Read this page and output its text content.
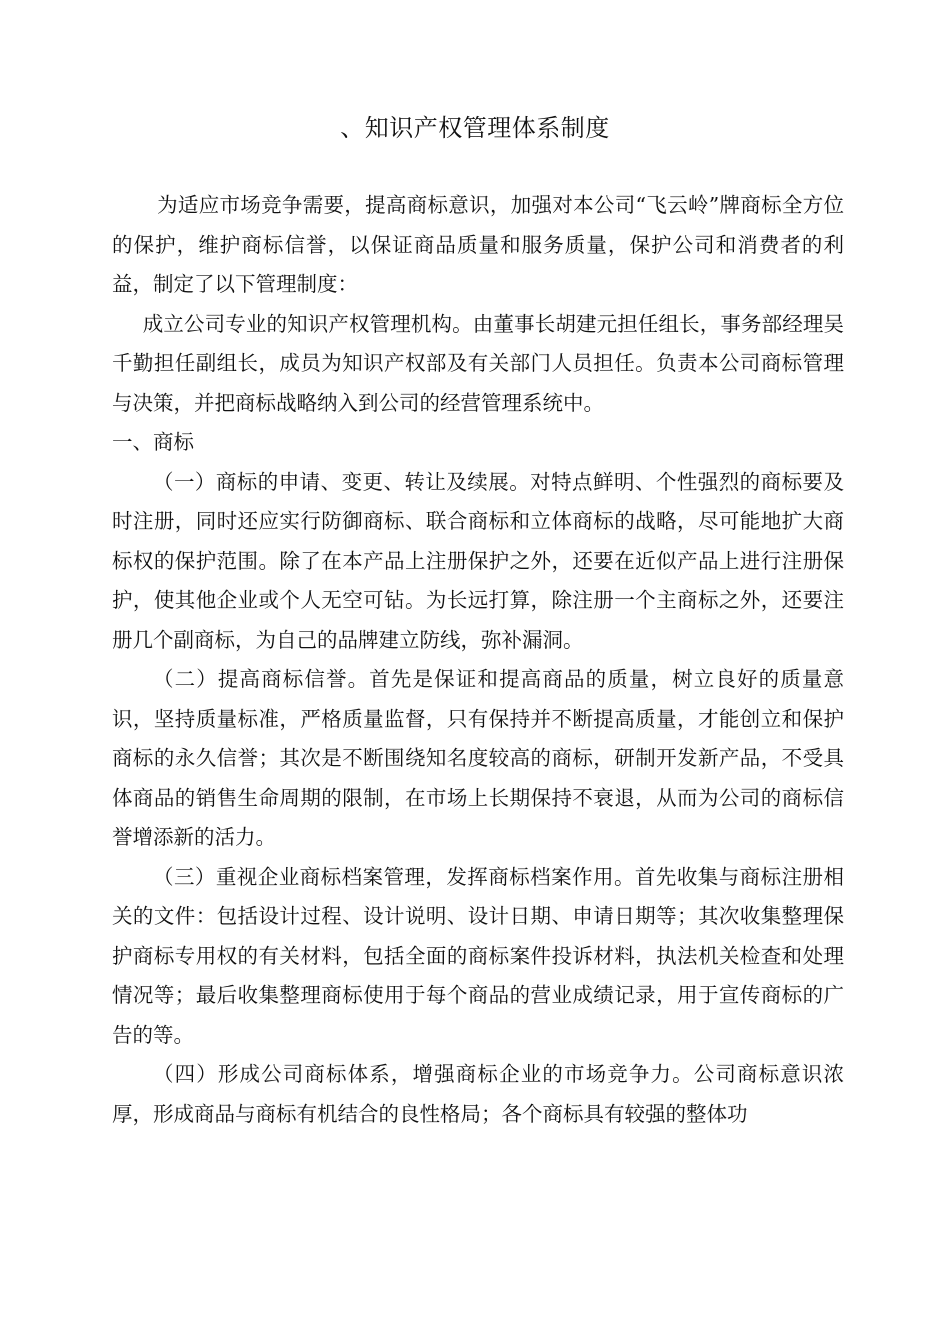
、知识产权管理体系制度

为适应市场竞争需要，提高商标意识，加强对本公司“飞云岭”牌商标全方位的保护，维护商标信誉，以保证商品质量和服务质量，保护公司和消费者的利益，制定了以下管理制度：

成立公司专业的知识产权管理机构。由董事长胡建元担任组长，事务部经理吴千勤担任副组长，成员为知识产权部及有关部门人员担任。负责本公司商标管理与决策，并把商标战略纳入到公司的经营管理系统中。

一、商标

（一）商标的申请、变更、转让及续展。对特点鲜明、个性强烈的商标要及时注册，同时还应实行防御商标、联合商标和立体商标的战略，尽可能地扩大商标权的保护范围。除了在本产品上注册保护之外，还要在近似产品上进行注册保护，使其他企业或个人无空可钻。为长远打算，除注册一个主商标之外，还要注册几个副商标，为自己的品牌建立防线，弥补漏洞。

（二）提高商标信誉。首先是保证和提高商品的质量，树立良好的质量意识，坚持质量标准，严格质量监督，只有保持并不断提高质量，才能创立和保护商标的永久信誉；其次是不断围绕知名度较高的商标，研制开发新产品，不受具体商品的销售生命周期的限制，在市场上长期保持不衰退，从而为公司的商标信誉增添新的活力。

（三）重视企业商标档案管理，发挥商标档案作用。首先收集与商标注册相关的文件：包括设计过程、设计说明、设计日期、申请日期等；其次收集整理保护商标专用权的有关材料，包括全面的商标案件投诉材料，执法机关检查和处理情况等；最后收集整理商标使用于每个商品的营业成绩记录，用于宣传商标的广告的等。

（四）形成公司商标体系，增强商标企业的市场竞争力。公司商标意识浓厚，形成商品与商标有机结合的良性格局；各个商标具有较强的整体功
